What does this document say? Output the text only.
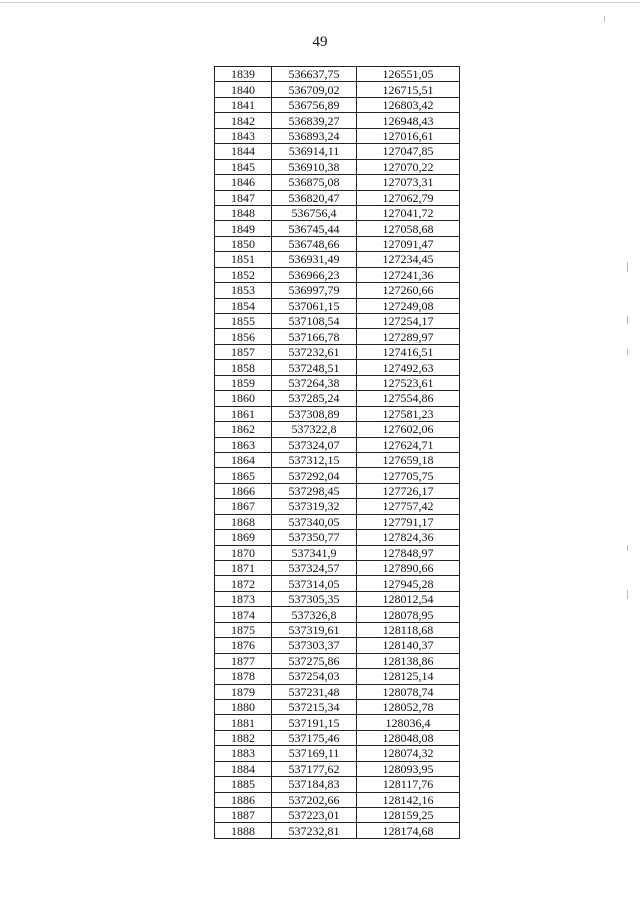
49
1839	536637,75	126551,05
1840	536709,02	126715,51
1841	536756,89	126803,42
1842	536839,27	126948,43
1843	536893,24	127016,61
1844	536914,11	127047,85
1845	536910,38	127070,22
1846	536875,08	127073,31
1847	536820,47	127062,79
1848	536756,4	127041,72
1849	536745,44	127058,68
1850	536748,66	127091,47
1851	536931,49	127234,45
1852	536966,23	127241,36
1853	536997,79	127260,66
1854	537061,15	127249,08
1855	537108,54	127254,17
1856	537166,78	127289,97
1857	537232,61	127416,51
1858	537248,51	127492,63
1859	537264,38	127523,61
1860	537285,24	127554,86
1861	537308,89	127581,23
1862	537322,8	127602,06
1863	537324,07	127624,71
1864	537312,15	127659,18
1865	537292,04	127705,75
1866	537298,45	127726,17
1867	537319,32	127757,42
1868	537340,05	127791,17
1869	537350,77	127824,36
1870	537341,9	127848,97
1871	537324,57	127890,66
1872	537314,05	127945,28
1873	537305,35	128012,54
1874	537326,8	128078,95
1875	537319,61	128118,68
1876	537303,37	128140,37
1877	537275,86	128138,86
1878	537254,03	128125,14
1879	537231,48	128078,74
1880	537215,34	128052,78
1881	537191,15	128036,4
1882	537175,46	128048,08
1883	537169,11	128074,32
1884	537177,62	128093,95
1885	537184,83	128117,76
1886	537202,66	128142,16
1887	537223,01	128159,25
1888	537232,81	128174,68
